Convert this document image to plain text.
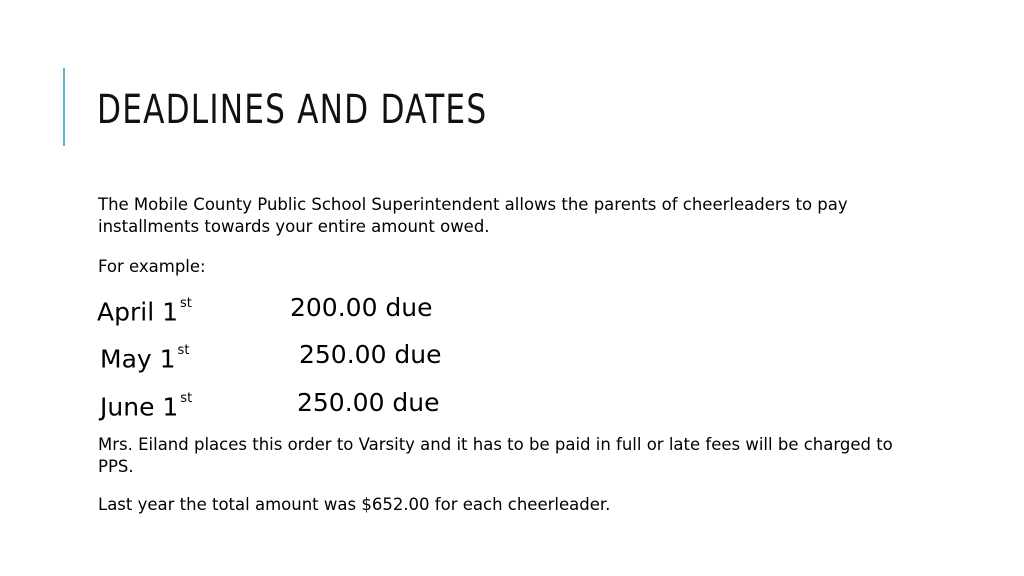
DEADLINES AND DATES

The Mobile County Public School Superintendent allows the parents of cheerleaders to pay installments towards your entire amount owed.

For example:

April 1 $^{st}$	200.00 due
May 1 $^{st}$	250.00 due
June 1 $^{st}$	250.00 due

Mrs. Eiland places this order to Varsity and it has to be paid in full or late fees will be charged to PPS.

Last year the total amount was $652.00 for each cheerleader.
